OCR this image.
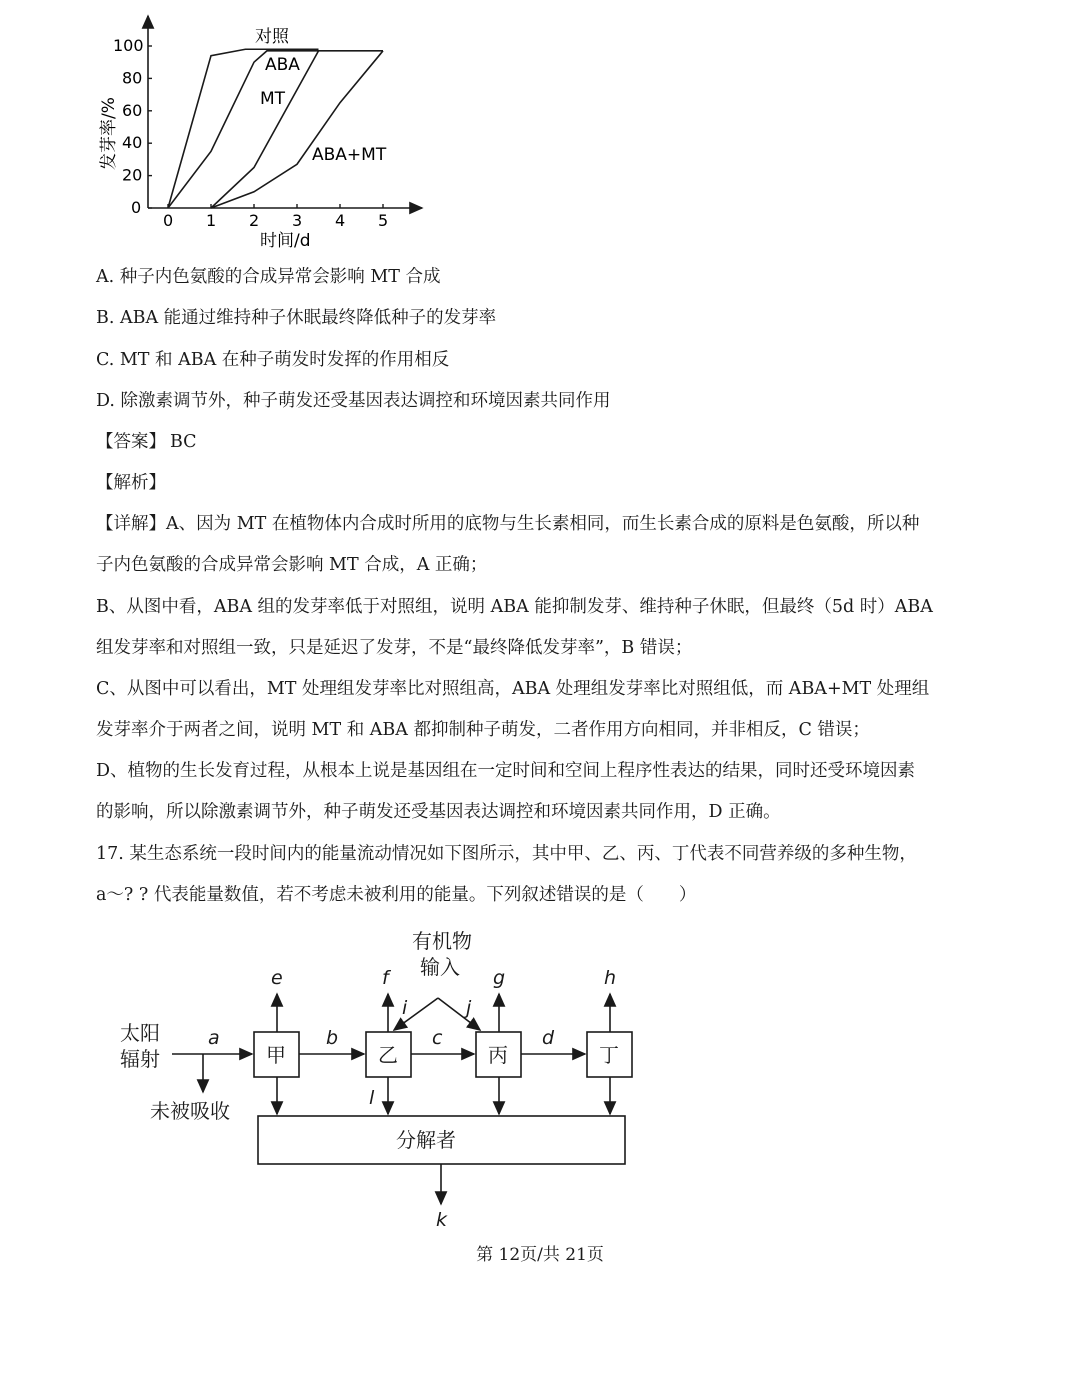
0 1 2 3 4 5
0
20
40
60
80
100
发芽率/%
时间/d
对照
ABA
MT
ABA+MT
A. 种子内色氨酸的合成异常会影响 MT 合成
B. ABA 能通过维持种子休眠最终降低种子的发芽率
C. MT 和 ABA 在种子萌发时发挥的作用相反
D. 除激素调节外，种子萌发还受基因表达调控和环境因素共同作用
【答案】 BC
【解析】
【详解】A、因为 MT 在植物体内合成时所用的底物与生长素相同，而生长素合成的原料是色氨酸，所以种
子内色氨酸的合成异常会影响 MT 合成，A 正确；
B、从图中看，ABA 组的发芽率低于对照组，说明 ABA 能抑制发芽、维持种子休眠，但最终（5d 时）ABA
组发芽率和对照组一致，只是延迟了发芽，不是“最终降低发芽率”，B 错误；
C、从图中可以看出，MT 处理组发芽率比对照组高，ABA 处理组发芽率比对照组低，而 ABA+MT 处理组
发芽率介于两者之间，说明 MT 和 ABA 都抑制种子萌发，二者作用方向相同，并非相反，C 错误；
D、植物的生长发育过程，从根本上说是基因组在一定时间和空间上程序性表达的结果，同时还受环境因素
的影响，所以除激素调节外，种子萌发还受基因表达调控和环境因素共同作用，D 正确。
17. 某生态系统一段时间内的能量流动情况如下图所示，其中甲、乙、丙、丁代表不同营养级的多种生物，
a～? ? 代表能量数值，若不考虑未被利用的能量。下列叙述错误的是（　　）
有机物
输入
太阳
辐射
未被吸收
分解者
甲	乙	丙	丁
a	b	c	d
e	f	g	h
i	j
l
k
第 12页/共 21页
